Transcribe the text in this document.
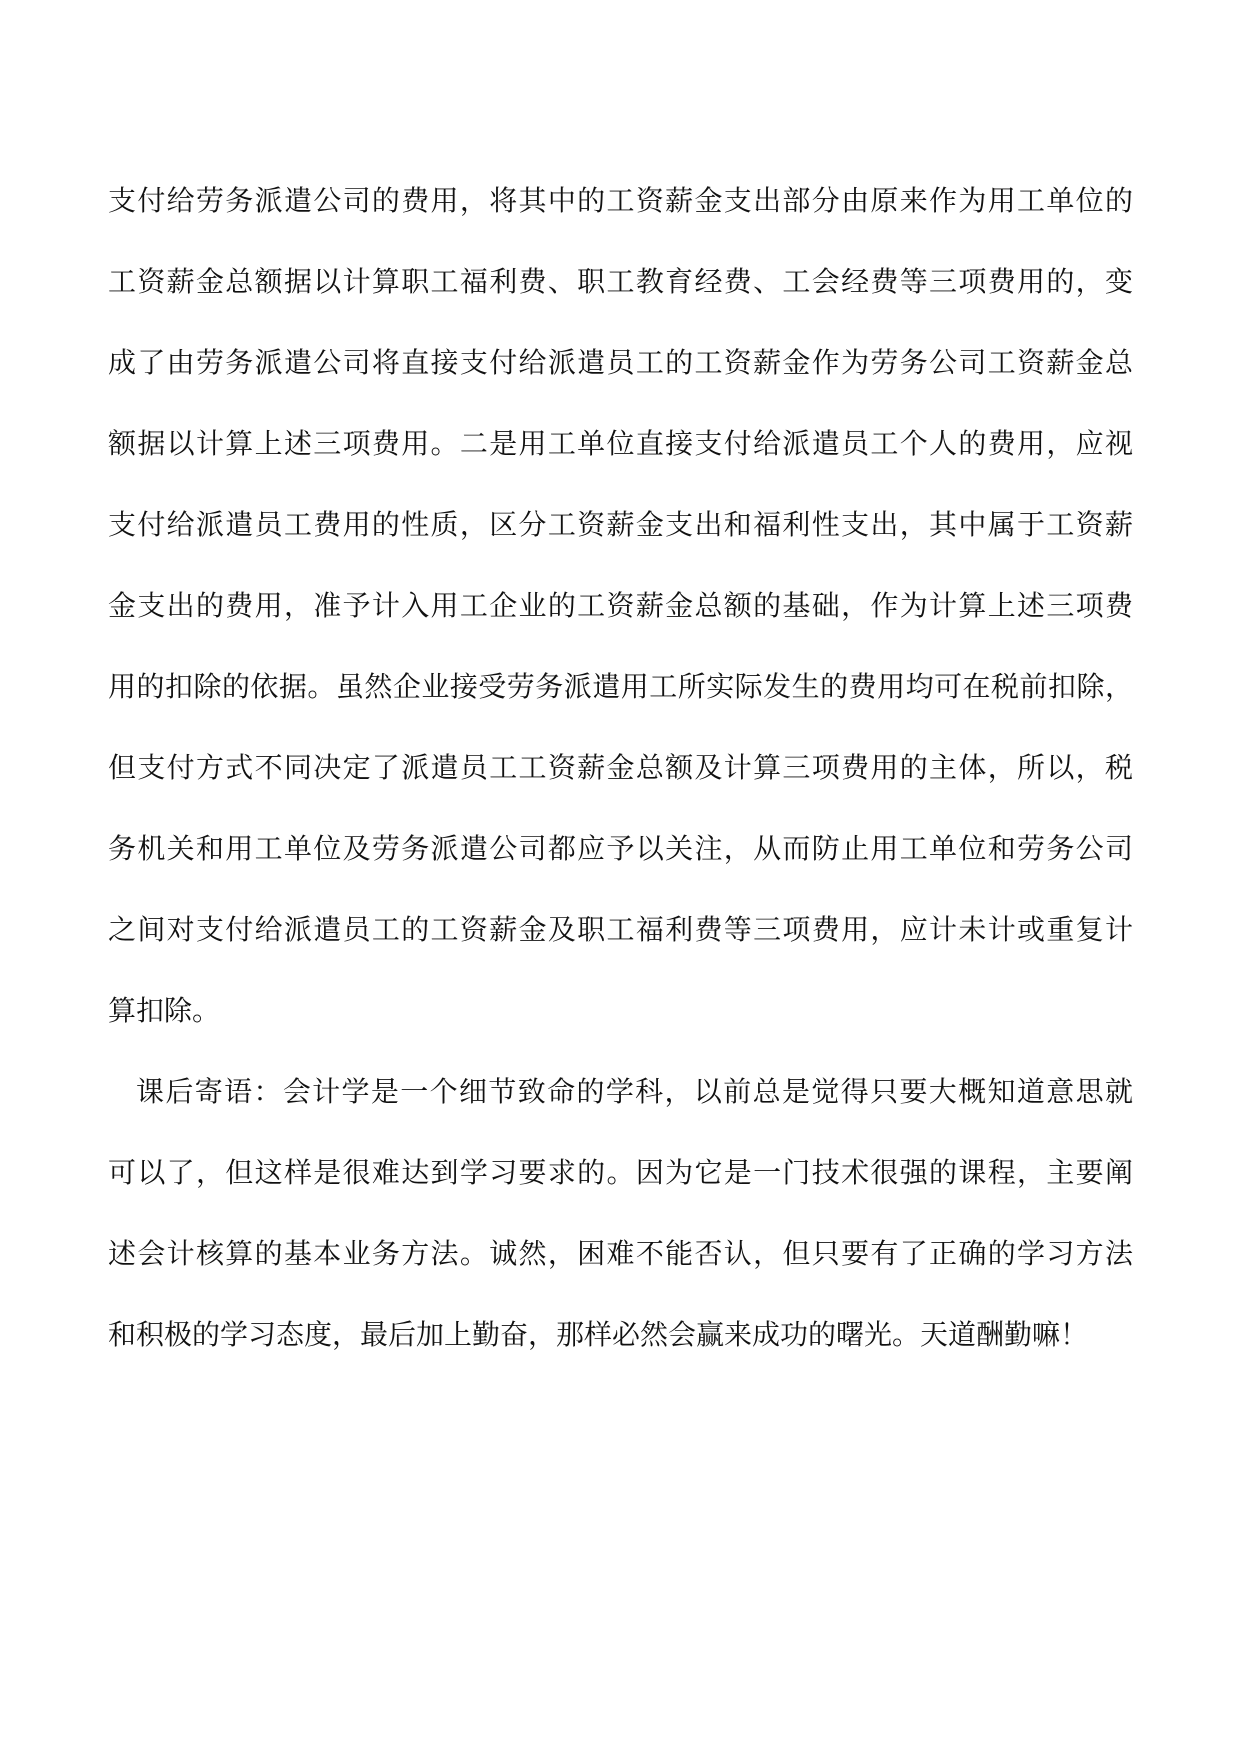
支付给劳务派遣公司的费用，将其中的工资薪金支出部分由原来作为用工单位的
工资薪金总额据以计算职工福利费、职工教育经费、工会经费等三项费用的，变
成了由劳务派遣公司将直接支付给派遣员工的工资薪金作为劳务公司工资薪金总
额据以计算上述三项费用。二是用工单位直接支付给派遣员工个人的费用，应视
支付给派遣员工费用的性质，区分工资薪金支出和福利性支出，其中属于工资薪
金支出的费用，准予计入用工企业的工资薪金总额的基础，作为计算上述三项费
用的扣除的依据。虽然企业接受劳务派遣用工所实际发生的费用均可在税前扣除，
但支付方式不同决定了派遣员工工资薪金总额及计算三项费用的主体，所以，税
务机关和用工单位及劳务派遣公司都应予以关注，从而防止用工单位和劳务公司
之间对支付给派遣员工的工资薪金及职工福利费等三项费用，应计未计或重复计
算扣除。
课后寄语：会计学是一个细节致命的学科，以前总是觉得只要大概知道意思就
可以了，但这样是很难达到学习要求的。因为它是一门技术很强的课程，主要阐
述会计核算的基本业务方法。诚然，困难不能否认，但只要有了正确的学习方法
和积极的学习态度，最后加上勤奋，那样必然会赢来成功的曙光。天道酬勤嘛！
